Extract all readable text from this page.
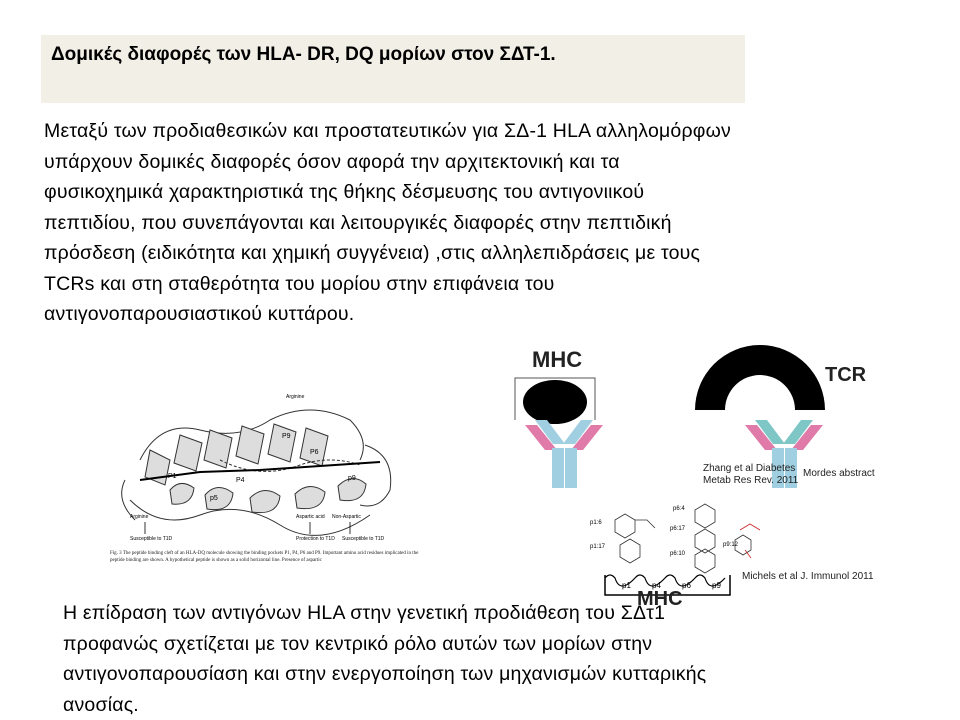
Δομικές διαφορές των HLA- DR, DQ μορίων στον ΣΔΤ-1.

Μεταξύ των προδιαθεσικών και προστατευτικών για ΣΔ-1 HLA αλληλομόρφων
υπάρχουν δομικές διαφορές όσον αφορά την αρχιτεκτονική και τα
φυσικοχημικά χαρακτηριστικά της θήκης δέσμευσης του αντιγονιικού
πεπτιδίου, που συνεπάγονται και λειτουργικές διαφορές στην πεπτιδική
πρόσδεση (ειδικότητα και χημική συγγένεια) ,στις αλληλεπιδράσεις με τους
TCRs και στη σταθερότητα του μορίου στην επιφάνεια του
αντιγονοπαρουσιαστικού κυττάρου.

P9
P6
P4
P1
p5
p9
Arginine
Arginine	Aspartic acid Non-Aspartic
Susceptible to T1D	Protection to T1D Susceptible to T1D
Fig. 3 The peptide binding cleft of an HLA-DQ molecule showing the binding pockets P1, P4, P6 and P9. Important amino acid residues implicated in the peptide binding are shown. A hypothetical peptide is shown as a solid horizontal line. Presence of aspartic
MHC
TCR
Zhang et al Diabetes
Metab Res Rev. 2011
Mordes abstract
p1	p4	p6	p9
p1:6
p1:17
p6:4
p6:17
p6:10
p9:12
Michels et al J. Immunol 2011
MHC

Η επίδραση των αντιγόνων HLA στην γενετική προδιάθεση του ΣΔτ1
προφανώς σχετίζεται με τον κεντρικό ρόλο αυτών των μορίων στην
αντιγονοπαρουσίαση και στην ενεργοποίηση των μηχανισμών κυτταρικής
ανοσίας.
